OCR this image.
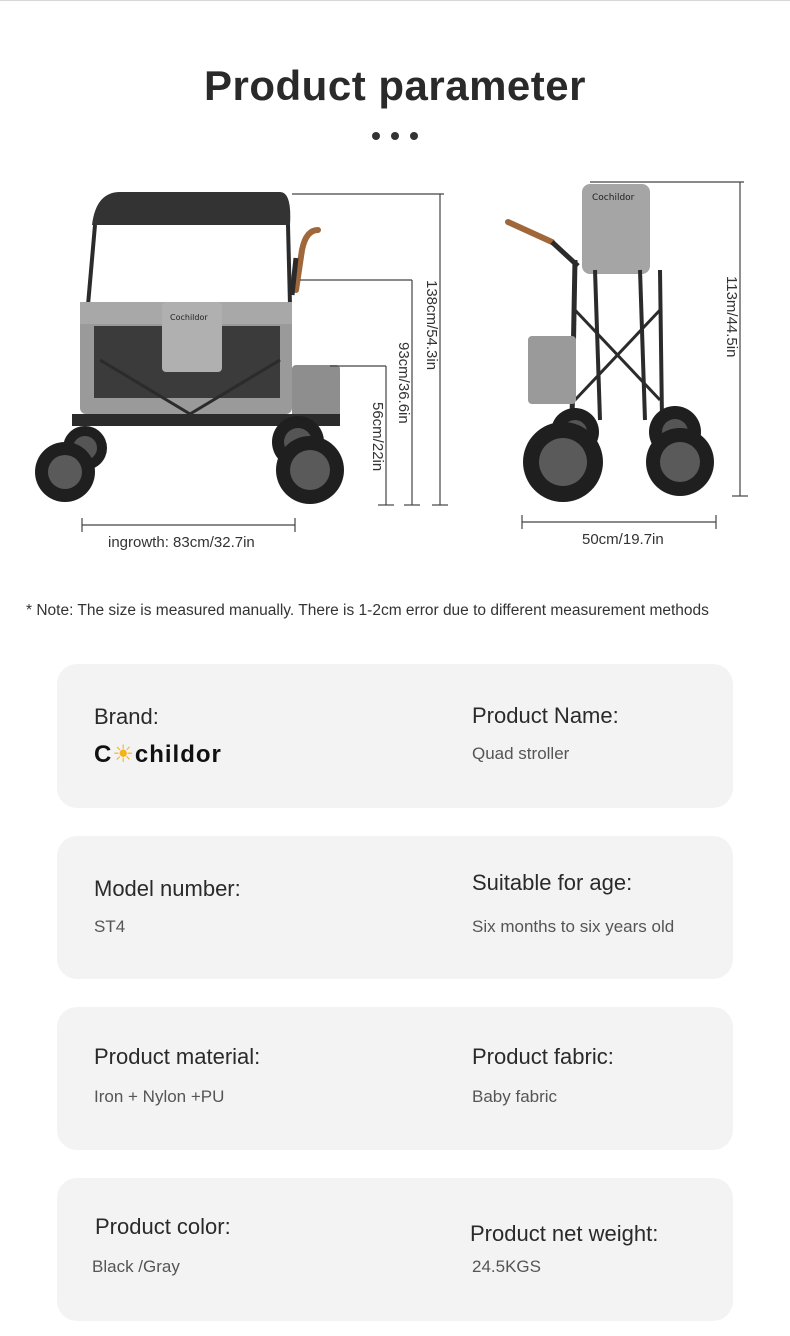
Product parameter
Cochildor
Cochildor
138cm/54.3in
93cm/36.6in
56cm/22in
ingrowth: 83cm/32.7in
113m/44.5in
50cm/19.7in

* Note: The size is measured manually. There is 1-2cm error due to different measurement methods

Brand:
C☀childor
Product Name:
Quad stroller
Model number:
ST4
Suitable for age:
Six months to six years old
Product material:
Iron + Nylon +PU
Product fabric:
Baby fabric
Product color:
Black /Gray
Product net weight:
24.5KGS
